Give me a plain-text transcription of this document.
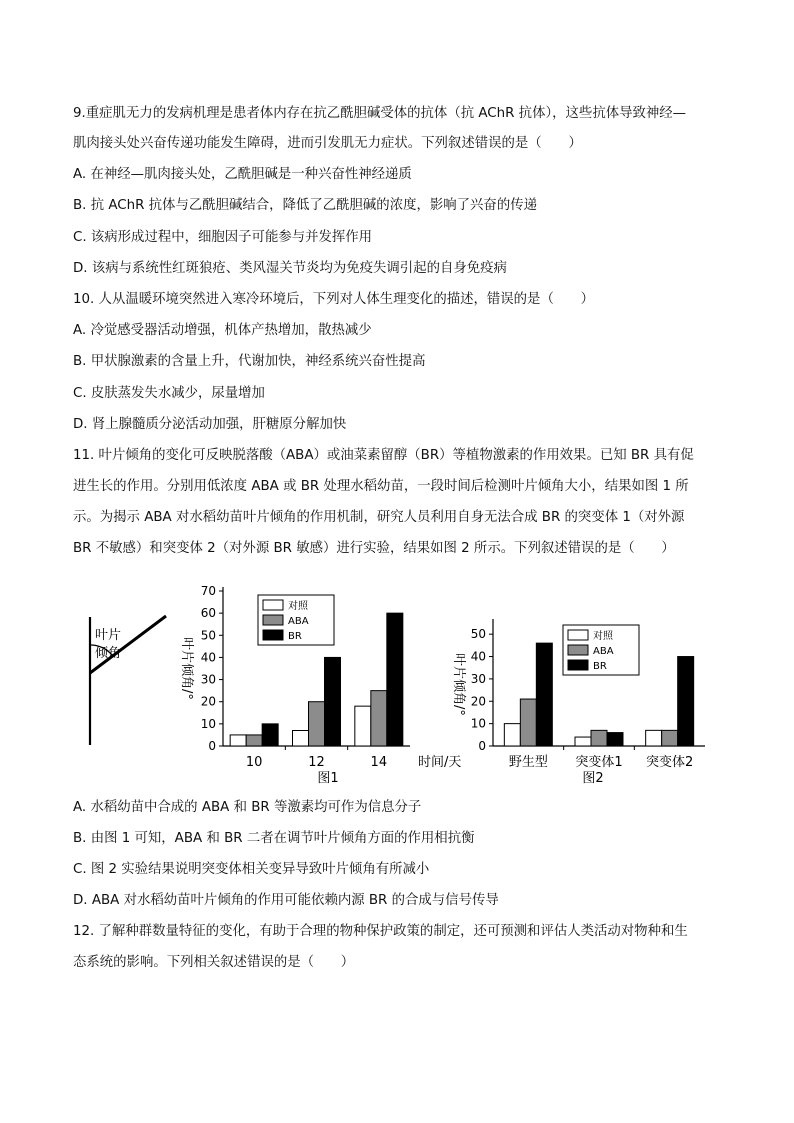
9.重症肌无力的发病机理是患者体内存在抗乙酰胆碱受体的抗体（抗 AChR 抗体），这些抗体导致神经—
肌肉接头处兴奋传递功能发生障碍，进而引发肌无力症状。下列叙述错误的是（　　）
A. 在神经—肌肉接头处，乙酰胆碱是一种兴奋性神经递质
B. 抗 AChR 抗体与乙酰胆碱结合，降低了乙酰胆碱的浓度，影响了兴奋的传递
C. 该病形成过程中，细胞因子可能参与并发挥作用
D. 该病与系统性红斑狼疮、类风湿关节炎均为免疫失调引起的自身免疫病
10. 人从温暖环境突然进入寒冷环境后，下列对人体生理变化的描述，错误的是（　　）
A. 冷觉感受器活动增强，机体产热增加，散热减少
B. 甲状腺激素的含量上升，代谢加快，神经系统兴奋性提高
C. 皮肤蒸发失水减少，尿量增加
D. 肾上腺髓质分泌活动加强，肝糖原分解加快
11. 叶片倾角的变化可反映脱落酸（ABA）或油菜素留醇（BR）等植物激素的作用效果。已知 BR 具有促
进生长的作用。分别用低浓度 ABA 或 BR 处理水稻幼苗，一段时间后检测叶片倾角大小，结果如图 1 所
示。为揭示 ABA 对水稻幼苗叶片倾角的作用机制，研究人员利用自身无法合成 BR 的突变体 1（对外源
BR 不敏感）和突变体 2（对外源 BR 敏感）进行实验，结果如图 2 所示。下列叙述错误的是（　　）
叶片
倾角
0
10
20
30
40
50
60
70
叶片倾角/°
10	12	14 时间/天
图1
对照
ABA
BR
0
10
20
30
40
50
叶片倾角/°
野生型 突变体1 突变体2
图2
对照
ABA
BR
A. 水稻幼苗中合成的 ABA 和 BR 等激素均可作为信息分子
B. 由图 1 可知，ABA 和 BR 二者在调节叶片倾角方面的作用相抗衡
C. 图 2 实验结果说明突变体相关变异导致叶片倾角有所减小
D. ABA 对水稻幼苗叶片倾角的作用可能依赖内源 BR 的合成与信号传导
12. 了解种群数量特征的变化，有助于合理的物种保护政策的制定，还可预测和评估人类活动对物种和生
态系统的影响。下列相关叙述错误的是（　　）
